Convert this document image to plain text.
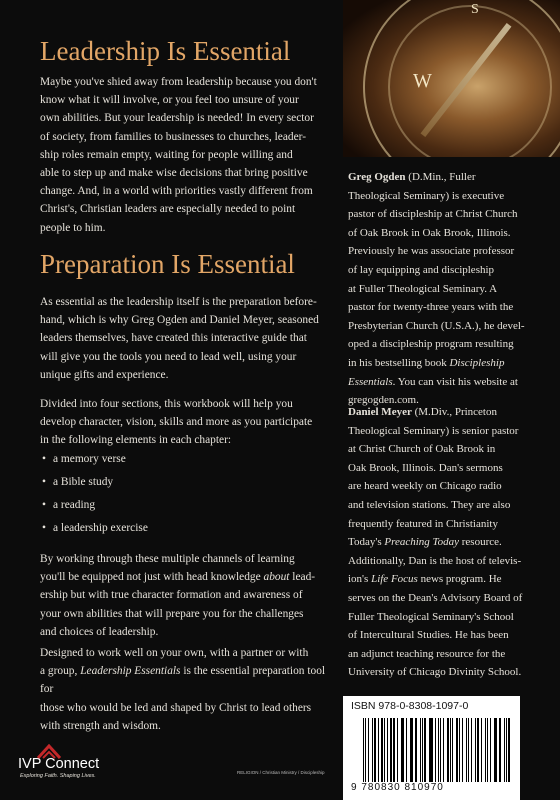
W
S
Leadership Is Essential

Maybe you've shied away from leadership because you don't
know what it will involve, or you feel too unsure of your
own abilities. But your leadership is needed! In every sector
of society, from families to businesses to churches, leader-
ship roles remain empty, waiting for people willing and
able to step up and make wise decisions that bring positive
change. And, in a world with priorities vastly different from
Christ's, Christian leaders are especially needed to point
people to him.

Preparation Is Essential

As essential as the leadership itself is the preparation before-
hand, which is why Greg Ogden and Daniel Meyer, seasoned
leaders themselves, have created this interactive guide that
will give you the tools you need to lead well, using your
unique gifts and experience.

Divided into four sections, this workbook will help you
develop character, vision, skills and more as you participate
in the following elements in each chapter:

• a memory verse
• a Bible study
• a reading
• a leadership exercise

By working through these multiple channels of learning
you'll be equipped not just with head knowledge about lead-
ership but with true character formation and awareness of
your own abilities that will prepare you for the challenges
and choices of leadership.

Designed to work well on your own, with a partner or with
a group, Leadership Essentials is the essential preparation tool for
those who would be led and shaped by Christ to lead others
with strength and wisdom.

Greg Ogden (D.Min., Fuller
Theological Seminary) is executive
pastor of discipleship at Christ Church
of Oak Brook in Oak Brook, Illinois.
Previously he was associate professor
of lay equipping and discipleship
at Fuller Theological Seminary. A
pastor for twenty-three years with the
Presbyterian Church (U.S.A.), he devel-
oped a discipleship program resulting
in his bestselling book Discipleship
Essentials. You can visit his website at
gregogden.com.

Daniel Meyer (M.Div., Princeton
Theological Seminary) is senior pastor
at Christ Church of Oak Brook in
Oak Brook, Illinois. Dan's sermons
are heard weekly on Chicago radio
and television stations. They are also
frequently featured in Christianity
Today's Preaching Today resource.
Additionally, Dan is the host of televis-
ion's Life Focus news program. He
serves on the Dean's Advisory Board of
Fuller Theological Seminary's School
of Intercultural Studies. He has been
an adjunct teaching resource for the
University of Chicago Divinity School.

IVP Connect
Exploring Faith. Shaping Lives.
RELIGION / Christian Ministry / Discipleship
ISBN 978-0-8308-1097-0
9 780830 810970
